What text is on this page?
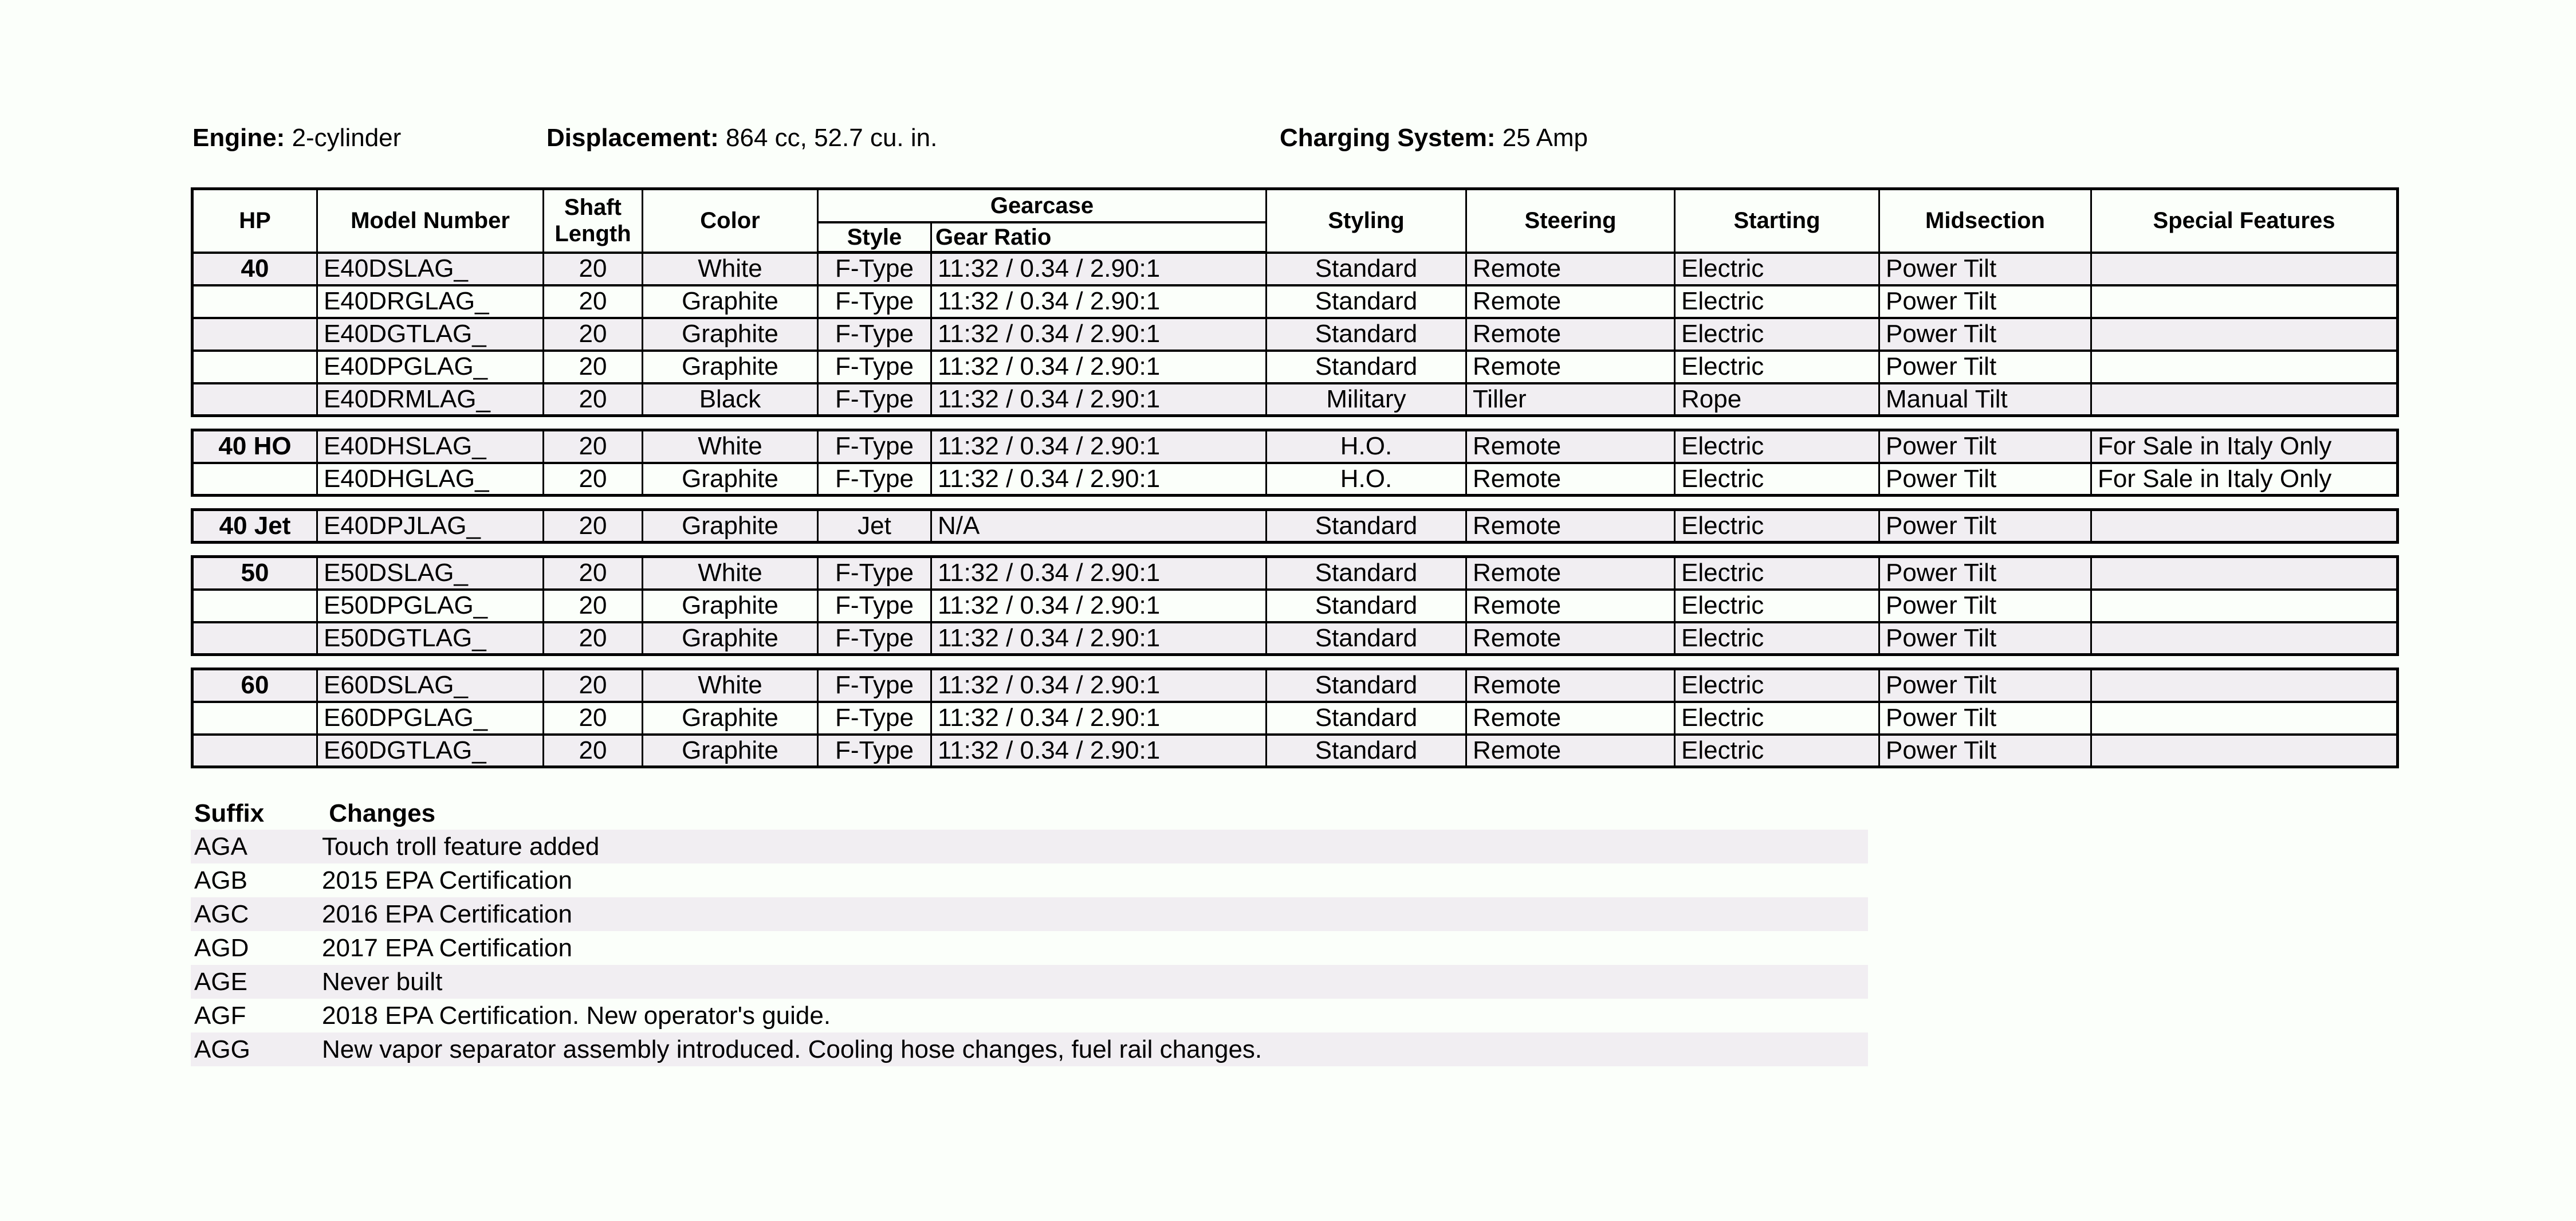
Engine: 2-cylinder	Displacement: 864 cc, 52.7 cu. in.	Charging System: 25 Amp
HP	Model Number	Shaft Length	Color	Gearcase		Styling	Steering	Starting	Midsection	Special Features
				Style	Gear Ratio					
40	E40DSLAG_	20	White	F-Type	11:32 / 0.34 / 2.90:1	Standard	Remote	Electric	Power Tilt	
	E40DRGLAG_	20	Graphite	F-Type	11:32 / 0.34 / 2.90:1	Standard	Remote	Electric	Power Tilt	
	E40DGTLAG_	20	Graphite	F-Type	11:32 / 0.34 / 2.90:1	Standard	Remote	Electric	Power Tilt	
	E40DPGLAG_	20	Graphite	F-Type	11:32 / 0.34 / 2.90:1	Standard	Remote	Electric	Power Tilt	
	E40DRMLAG_	20	Black	F-Type	11:32 / 0.34 / 2.90:1	Military	Tiller	Rope	Manual Tilt	
40 HO	E40DHSLAG_	20	White	F-Type	11:32 / 0.34 / 2.90:1	H.O.	Remote	Electric	Power Tilt	For Sale in Italy Only
	E40DHGLAG_	20	Graphite	F-Type	11:32 / 0.34 / 2.90:1	H.O.	Remote	Electric	Power Tilt	For Sale in Italy Only
40 Jet	E40DPJLAG_	20	Graphite	Jet	N/A	Standard	Remote	Electric	Power Tilt	
50	E50DSLAG_	20	White	F-Type	11:32 / 0.34 / 2.90:1	Standard	Remote	Electric	Power Tilt	
	E50DPGLAG_	20	Graphite	F-Type	11:32 / 0.34 / 2.90:1	Standard	Remote	Electric	Power Tilt	
	E50DGTLAG_	20	Graphite	F-Type	11:32 / 0.34 / 2.90:1	Standard	Remote	Electric	Power Tilt	
60	E60DSLAG_	20	White	F-Type	11:32 / 0.34 / 2.90:1	Standard	Remote	Electric	Power Tilt	
	E60DPGLAG_	20	Graphite	F-Type	11:32 / 0.34 / 2.90:1	Standard	Remote	Electric	Power Tilt	
	E60DGTLAG_	20	Graphite	F-Type	11:32 / 0.34 / 2.90:1	Standard	Remote	Electric	Power Tilt	
Suffix	Changes
AGA	Touch troll feature added
AGB	2015 EPA Certification
AGC	2016 EPA Certification
AGD	2017 EPA Certification
AGE	Never built
AGF	2018 EPA Certification. New operator's guide.
AGG	New vapor separator assembly introduced. Cooling hose changes, fuel rail changes.
